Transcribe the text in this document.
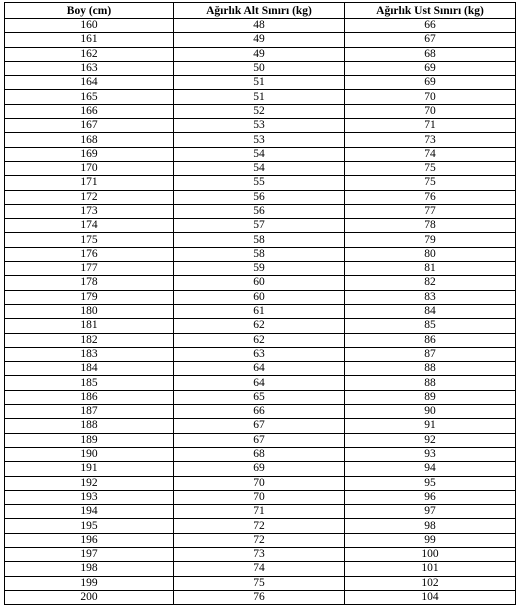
Boy (cm)	Ağırlık Alt Sınırı (kg)	Ağırlık Ust Sınırı (kg)
160	48	66
161	49	67
162	49	68
163	50	69
164	51	69
165	51	70
166	52	70
167	53	71
168	53	73
169	54	74
170	54	75
171	55	75
172	56	76
173	56	77
174	57	78
175	58	79
176	58	80
177	59	81
178	60	82
179	60	83
180	61	84
181	62	85
182	62	86
183	63	87
184	64	88
185	64	88
186	65	89
187	66	90
188	67	91
189	67	92
190	68	93
191	69	94
192	70	95
193	70	96
194	71	97
195	72	98
196	72	99
197	73	100
198	74	101
199	75	102
200	76	104
